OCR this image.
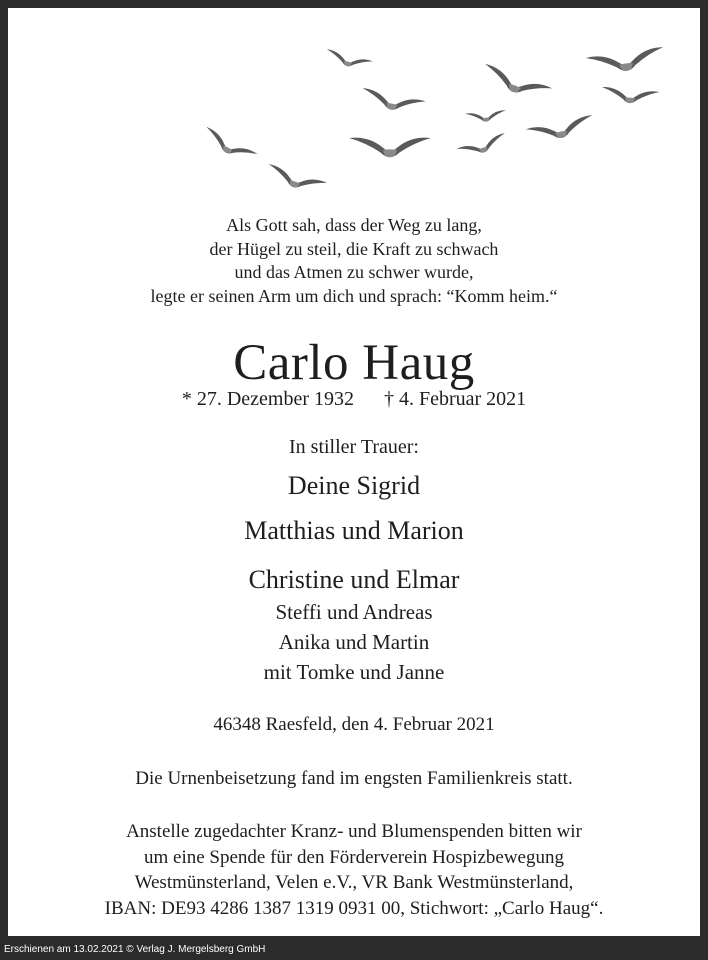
Als Gott sah, dass der Weg zu lang,
der Hügel zu steil, die Kraft zu schwach
und das Atmen zu schwer wurde,
legte er seinen Arm um dich und sprach: “Komm heim.“
Carlo Haug
* 27. Dezember 1932 † 4. Februar 2021
In stiller Trauer:
Deine Sigrid
Matthias und Marion
Christine und Elmar
Steffi und Andreas
Anika und Martin
mit Tomke und Janne
46348 Raesfeld, den 4. Februar 2021
Die Urnenbeisetzung fand im engsten Familienkreis statt.
Anstelle zugedachter Kranz- und Blumenspenden bitten wir
um eine Spende für den Förderverein Hospizbewegung
Westmünsterland, Velen e.V., VR Bank Westmünsterland,
IBAN: DE93 4286 1387 1319 0931 00, Stichwort: „Carlo Haug“.
Erschienen am 13.02.2021 © Verlag J. Mergelsberg GmbH
